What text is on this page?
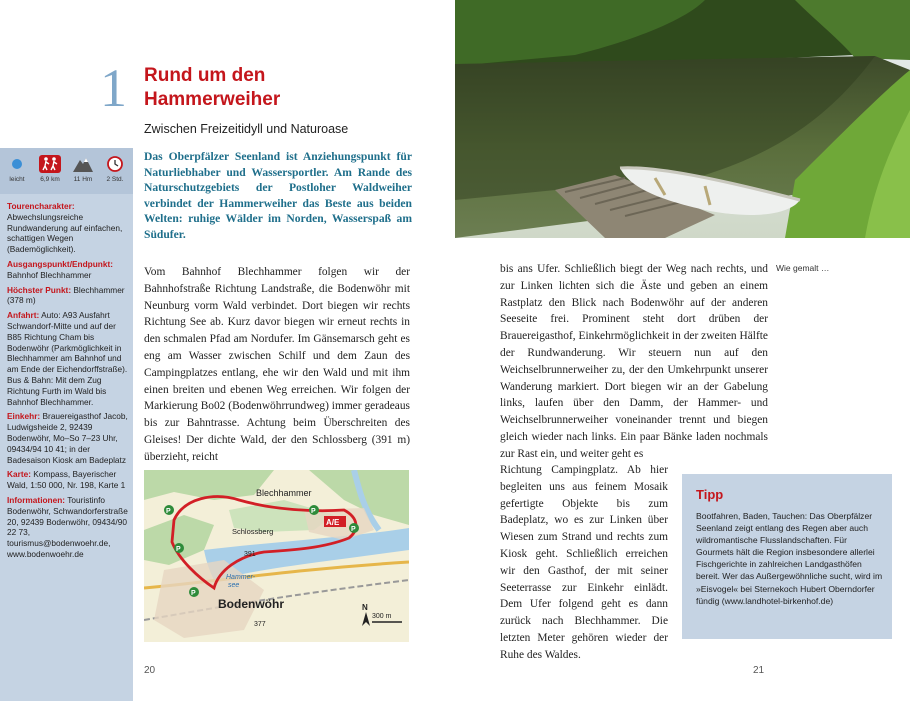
1 Rund um den
Hammerweiher
Zwischen Freizeitidyll und Naturoase
leicht	6,9 km	11 Hm	2 Std.

Tourencharakter: Abwechslungsreiche Rundwanderung auf einfachen, schattigen Wegen (Bademöglichkeit).

Ausgangspunkt/Endpunkt: Bahnhof Blechhammer

Höchster Punkt: Blechhammer (378 m)

Anfahrt: Auto: A93 Ausfahrt Schwandorf-Mitte und auf der B85 Richtung Cham bis Bodenwöhr (Parkmöglichkeit in Blechhammer am Bahnhof und am Ende der Eichendorffstraße). Bus & Bahn: Mit dem Zug Richtung Furth im Wald bis Bahnhof Blechhammer.

Einkehr: Brauereigasthof Jacob, Ludwigsheide 2, 92439 Bodenwöhr, Mo–So 7–23 Uhr, 09434/94 10 41; in der Badesaison Kiosk am Badeplatz

Karte: Kompass, Bayerischer Wald, 1:50 000, Nr. 198, Karte 1

Informationen: Touristinfo Bodenwöhr, Schwandorferstraße 20, 92439 Bodenwöhr, 09434/90 22 73, tourismus@bodenwoehr.de, www.bodenwoehr.de

Das Oberpfälzer Seenland ist Anziehungspunkt für Naturliebhaber und Wassersportler. Am Rande des Naturschutzgebiets der Postloher Waldweiher verbindet der Hammerweiher das Beste aus beiden Welten: ruhige Wälder im Norden, Wasserspaß am Südufer.
Vom Bahnhof Blechhammer folgen wir der Bahnhofstraße Richtung Landstraße, die Bodenwöhr mit Neunburg vorm Wald verbindet. Dort biegen wir rechts Richtung See ab. Kurz davor biegen wir erneut rechts in den schmalen Pfad am Nordufer. Im Gänsemarsch geht es eng am Wasser zwischen Schilf und dem Zaun des Campingplatzes entlang, ehe wir den Wald und mit ihm einen breiten und ebenen Weg erreichen. Wir folgen der Markierung Bo02 (Bodenwöhrrundweg) immer geradeaus bis zur Bahntrasse. Achtung beim Überschreiten des Gleises! Der dichte Wald, der den Schlossberg (391 m) überzieht, reicht
Blechhammer
Schlossberg
391
Hammer-
see
Bodenwöhr
377
A/E
P
P
P
P
P
N
300 m
20
Wie gemalt …
bis ans Ufer. Schließlich biegt der Weg nach rechts, und zur Linken lichten sich die Äste und geben an einem Rastplatz den Blick nach Bodenwöhr auf der anderen Seeseite frei. Prominent steht dort drüben der Brauereigasthof, Einkehrmöglichkeit in der zweiten Hälfte der Rundwanderung. Wir steuern nun auf den Weichselbrunnerweiher zu, der den Umkehrpunkt unserer Wanderung markiert. Dort biegen wir an der Gabelung links, laufen über den Damm, der Hammer- und Weichselbrunnerweiher voneinander trennt und biegen gleich wieder nach links. Ein paar Bänke laden nochmals zur Rast ein, und weiter geht es
Richtung Campingplatz. Ab hier begleiten uns aus feinem Mosaik gefertigte Objekte bis zum Badeplatz, wo es zur Linken über Wiesen zum Strand und rechts zum Kiosk geht. Schließlich erreichen wir den Gasthof, der mit seiner Seeterrasse zur Einkehr einlädt. Dem Ufer folgend geht es dann zurück nach Blechhammer. Die letzten Meter gehören wieder der Ruhe des Waldes.
Tipp
Bootfahren, Baden, Tauchen: Das Oberpfälzer Seenland zeigt entlang des Regen aber auch wildromantische Flusslandschaften. Für Gourmets hält die Region insbesondere allerlei Fischgerichte in zahlreichen Landgasthöfen bereit. Wer das Außergewöhnliche sucht, wird im »Eisvogel« bei Sternekoch Hubert Oberndorfer fündig (www.landhotel-birkenhof.de)
21
